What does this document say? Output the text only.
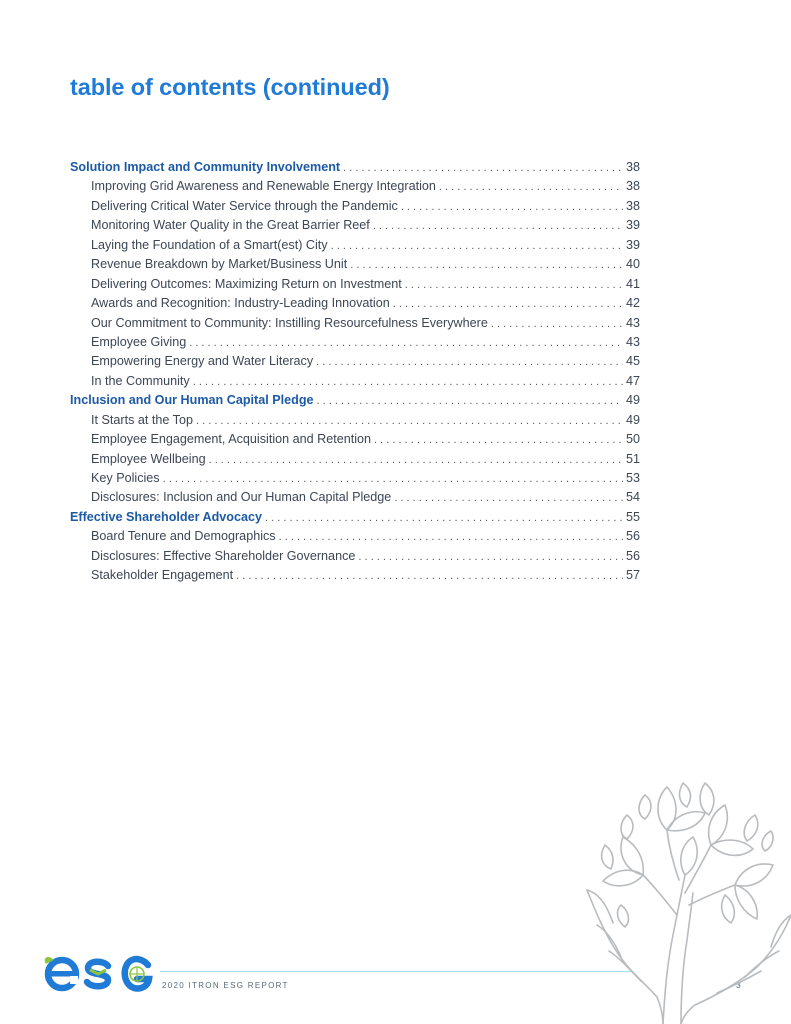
table of contents (continued)
Solution Impact and Community Involvement . . .	38
Improving Grid Awareness and Renewable Energy Integration . . .	38
Delivering Critical Water Service through the Pandemic . . .	38
Monitoring Water Quality in the Great Barrier Reef . . .	39
Laying the Foundation of a Smart(est) City . . .	39
Revenue Breakdown by Market/Business Unit . . .	40
Delivering Outcomes: Maximizing Return on Investment . . .	41
Awards and Recognition: Industry-Leading Innovation . . .	42
Our Commitment to Community: Instilling Resourcefulness Everywhere . . .	43
Employee Giving . . .	43
Empowering Energy and Water Literacy . . .	45
In the Community . . .	47
Inclusion and Our Human Capital Pledge . . .	49
It Starts at the Top . . .	49
Employee Engagement, Acquisition and Retention . . .	50
Employee Wellbeing . . .	51
Key Policies . . .	53
Disclosures: Inclusion and Our Human Capital Pledge . . .	54
Effective Shareholder Advocacy . . .	55
Board Tenure and Demographics . . .	56
Disclosures: Effective Shareholder Governance . . .	56
Stakeholder Engagement . . .	57
2020 ITRON ESG REPORT	3
